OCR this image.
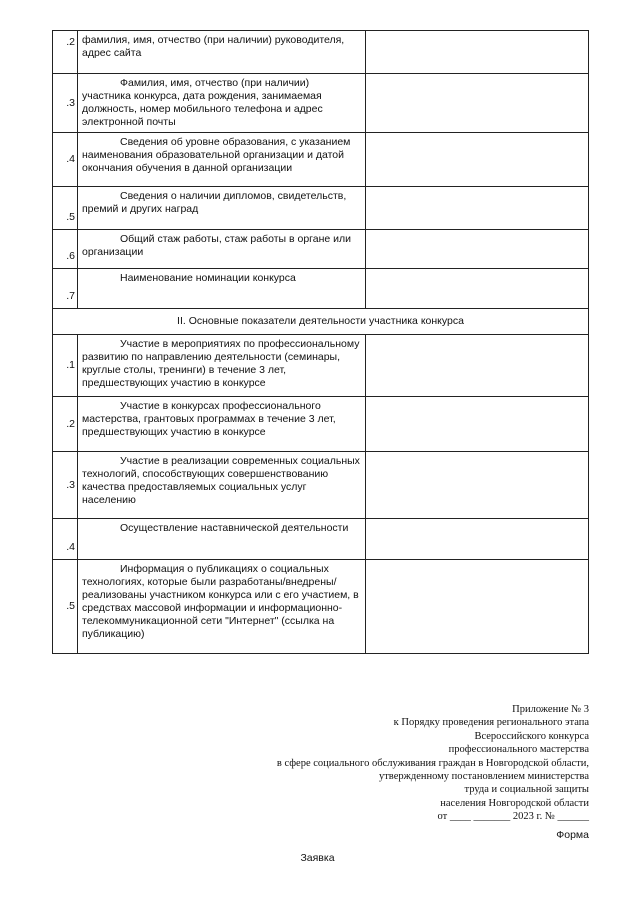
.2	фамилия, имя, отчество (при наличии) руководителя, адрес сайта	

.3	Фамилия, имя, отчество (при наличии) участника конкурса, дата рождения, занимаемая должность, номер мобильного телефона и адрес электронной почты	

.4	Сведения об уровне образования, с указанием наименования образовательной организации и датой окончания обучения в данной организации	

.5	Сведения о наличии дипломов, свидетельств, премий и других наград	

.6	Общий стаж работы, стаж работы в органе или организации	

.7	Наименование номинации конкурса	

II. Основные показатели деятельности участника конкурса		

.1	Участие в мероприятиях по профессиональному развитию по направлению деятельности (семинары, круглые столы, тренинги) в течение 3 лет, предшествующих участию в конкурсе	

.2	Участие в конкурсах профессионального мастерства, грантовых программах в течение 3 лет, предшествующих участию в конкурсе	

.3	Участие в реализации современных социальных технологий, способствующих совершенствованию качества предоставляемых социальных услуг населению	

.4	Осуществление наставнической деятельности	

.5	Информация о публикациях о социальных технологиях, которые были разработаны/внедрены/реализованы участником конкурса или с его участием, в средствах массовой информации и информационно-телекоммуникационной сети "Интернет" (ссылка на публикацию)	

Приложение № 3
к Порядку проведения регионального этапа
Всероссийского конкурса
профессионального мастерства
в сфере социального обслуживания граждан в Новгородской области,
утвержденному постановлением министерства
труда и социальной защиты
населения Новгородской области
от ____ _______ 2023 г. № ______
Форма
Заявка
